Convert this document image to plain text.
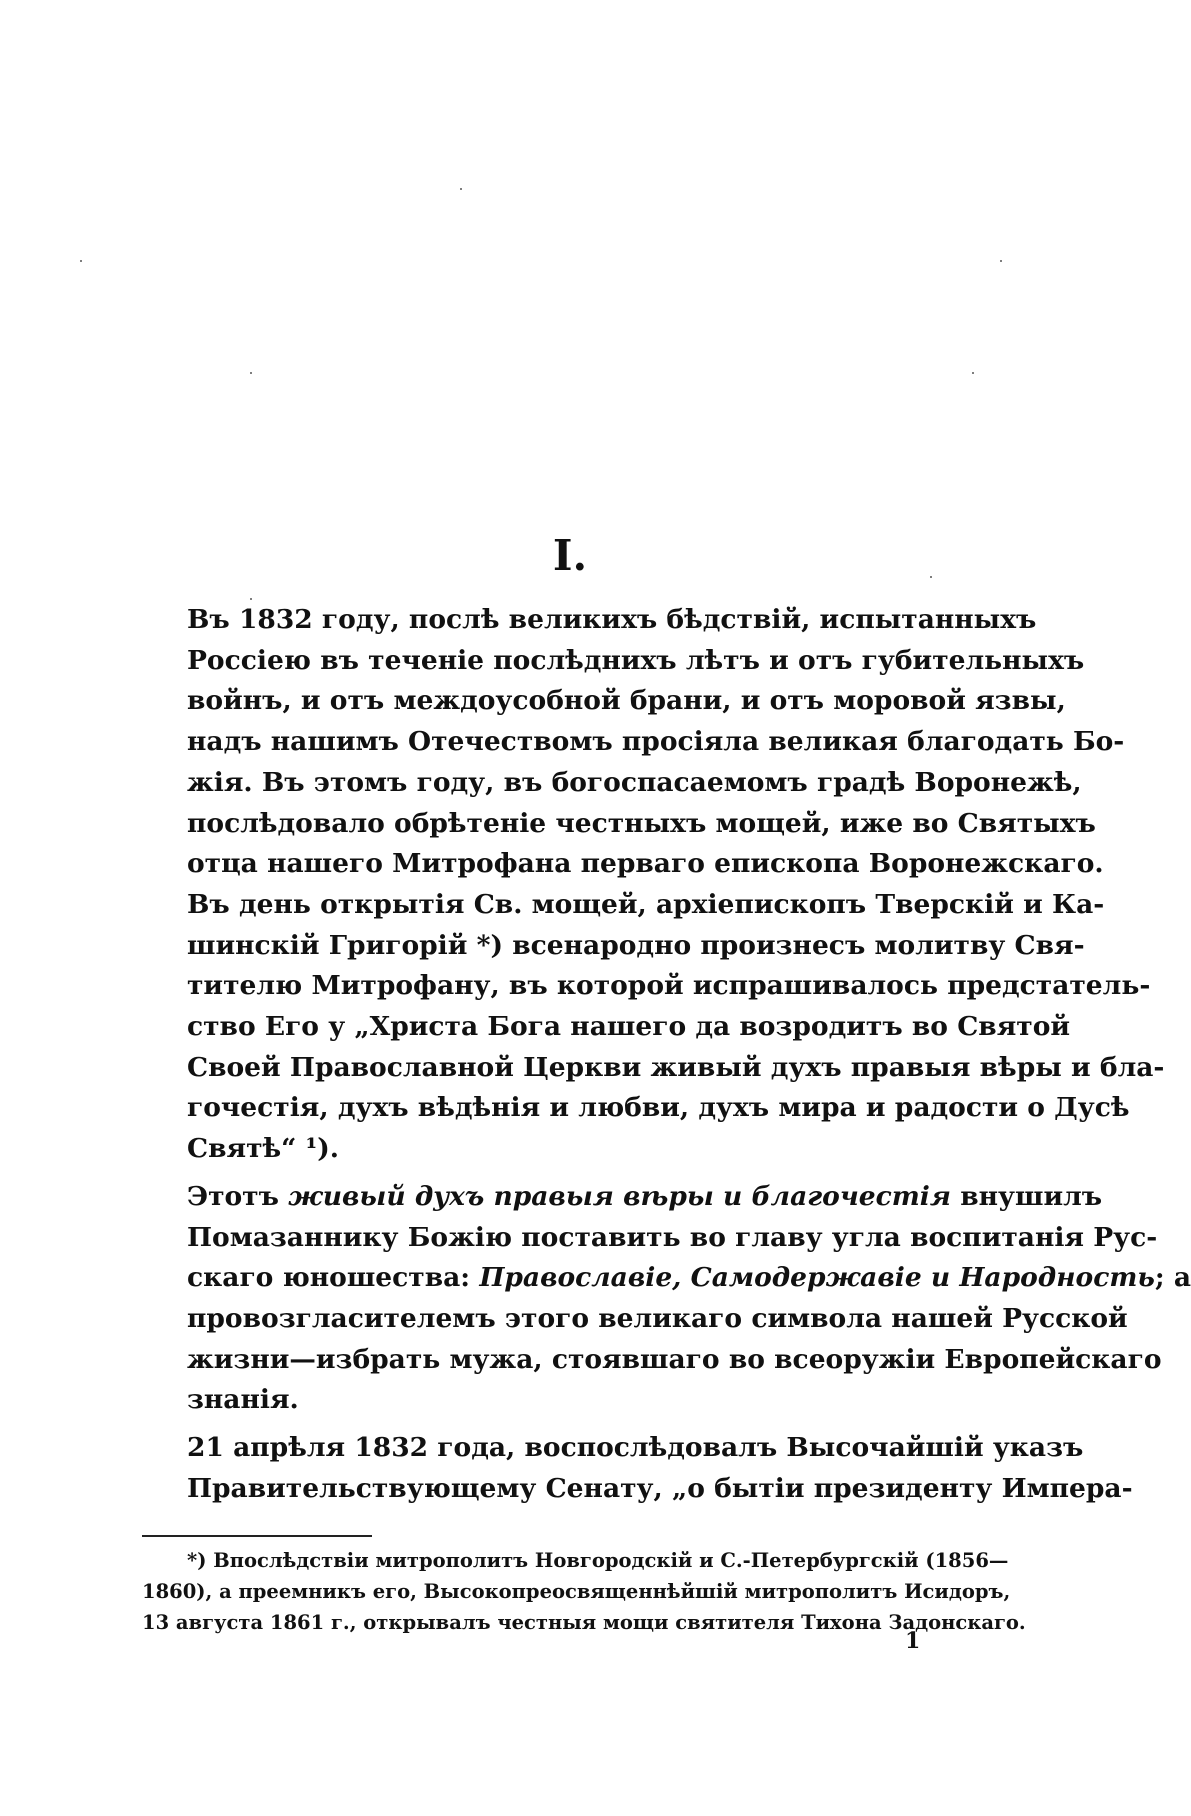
I.

Въ 1832 году, послѣ великихъ бѣдствій, испытанныхъ
Россіею въ теченіе послѣднихъ лѣтъ и отъ губительныхъ
войнъ, и отъ междоусобной брани, и отъ моровой язвы,
надъ нашимъ Отечествомъ просіяла великая благодать Бо-
жія. Въ этомъ году, въ богоспасаемомъ градѣ Воронежѣ,
послѣдовало обрѣтеніе честныхъ мощей, иже во Святыхъ
отца нашего Митрофана перваго епископа Воронежскаго.
Въ день открытія Св. мощей, архіепископъ Тверскій и Ка-
шинскій Григорій *) всенародно произнесъ молитву Свя-
тителю Митрофану, въ которой испрашивалось предстатель-
ство Его у „Христа Бога нашего да возродитъ во Святой
Своей Православной Церкви живый духъ правыя вѣры и бла-
гочестія, духъ вѣдѣнія и любви, духъ мира и радости о Дусѣ
Святѣ“ ¹).

Этотъ живый духъ правыя вѣры и благочестія внушилъ
Помазаннику Божію поставить во главу угла воспитанія Рус-
скаго юношества: Православіе, Самодержавіе и Народность; а
провозгласителемъ этого великаго символа нашей Русской
жизни—избрать мужа, стоявшаго во всеоружіи Европейскаго
знанія.

21 апрѣля 1832 года, воспослѣдовалъ Высочайшій указъ
Правительствующему Сенату, „о бытіи президенту Импера-

*) Впослѣдствіи митрополитъ Новгородскій и С.-Петербургскій (1856—
1860), а преемникъ его, Высокопреосвященнѣйшій митрополитъ Исидоръ,
13 августа 1861 г., открывалъ честныя мощи святителя Тихона Задонскаго.
1
